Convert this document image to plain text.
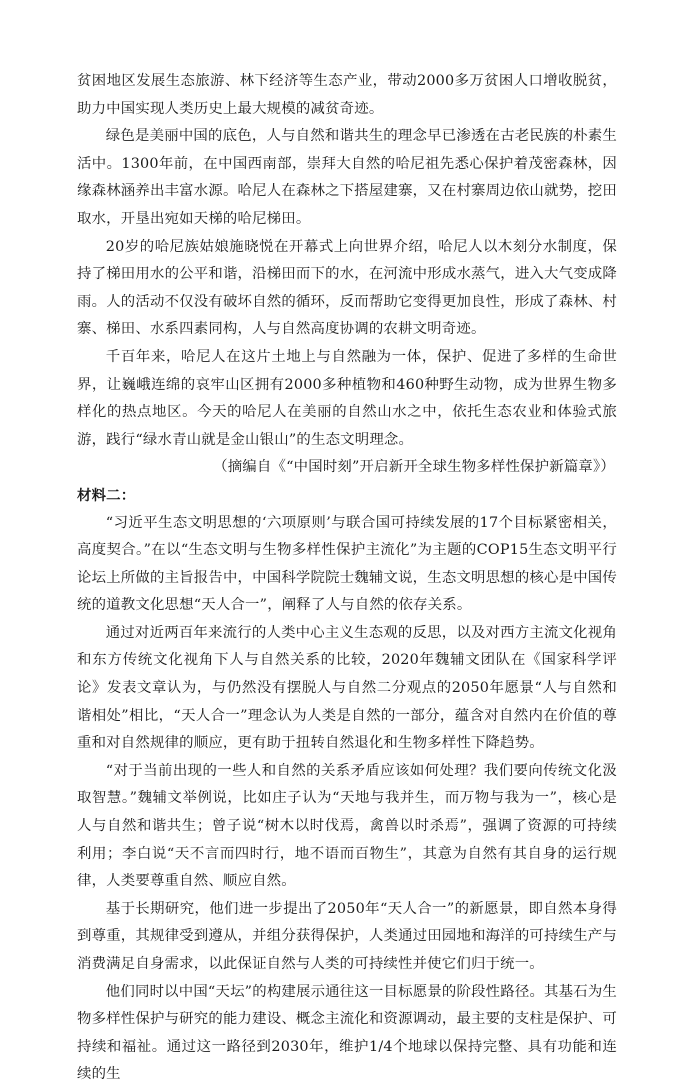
贫困地区发展生态旅游、林下经济等生态产业，带动2000多万贫困人口增收脱贫，助力中国实现人类历史上最大规模的减贫奇迹。

绿色是美丽中国的底色，人与自然和谐共生的理念早已渗透在古老民族的朴素生活中。1300年前，在中国西南部，崇拜大自然的哈尼祖先悉心保护着茂密森林，因缘森林涵养出丰富水源。哈尼人在森林之下搭屋建寨，又在村寨周边依山就势，挖田取水，开垦出宛如天梯的哈尼梯田。

20岁的哈尼族姑娘施晓悦在开幕式上向世界介绍，哈尼人以木刻分水制度，保持了梯田用水的公平和谐，沿梯田而下的水，在河流中形成水蒸气，进入大气变成降雨。人的活动不仅没有破坏自然的循环，反而帮助它变得更加良性，形成了森林、村寨、梯田、水系四素同构，人与自然高度协调的农耕文明奇迹。

千百年来，哈尼人在这片土地上与自然融为一体，保护、促进了多样的生命世界，让巍峨连绵的哀牢山区拥有2000多种植物和460种野生动物，成为世界生物多样化的热点地区。今天的哈尼人在美丽的自然山水之中，依托生态农业和体验式旅游，践行“绿水青山就是金山银山”的生态文明理念。

（摘编自《“中国时刻”开启新开全球生物多样性保护新篇章》）

材料二：

“习近平生态文明思想的‘六项原则’与联合国可持续发展的17个目标紧密相关，高度契合。”在以“生态文明与生物多样性保护主流化”为主题的COP15生态文明平行论坛上所做的主旨报告中，中国科学院院士魏辅文说，生态文明思想的核心是中国传统的道教文化思想“天人合一”，阐释了人与自然的依存关系。

通过对近两百年来流行的人类中心主义生态观的反思，以及对西方主流文化视角和东方传统文化视角下人与自然关系的比较，2020年魏辅文团队在《国家科学评论》发表文章认为，与仍然没有摆脱人与自然二分观点的2050年愿景“人与自然和谐相处”相比，“天人合一”理念认为人类是自然的一部分，蕴含对自然内在价值的尊重和对自然规律的顺应，更有助于扭转自然退化和生物多样性下降趋势。

“对于当前出现的一些人和自然的关系矛盾应该如何处理？我们要向传统文化汲取智慧。”魏辅文举例说，比如庄子认为“天地与我并生，而万物与我为一”，核心是人与自然和谐共生；曾子说“树木以时伐焉，禽兽以时杀焉”，强调了资源的可持续利用；李白说“天不言而四时行，地不语而百物生”，其意为自然有其自身的运行规律，人类要尊重自然、顺应自然。

基于长期研究，他们进一步提出了2050年“天人合一”的新愿景，即自然本身得到尊重，其规律受到遵从，并组分获得保护，人类通过田园地和海洋的可持续生产与消费满足自身需求，以此保证自然与人类的可持续性并使它们归于统一。

他们同时以中国“天坛”的构建展示通往这一目标愿景的阶段性路径。其基石为生物多样性保护与研究的能力建设、概念主流化和资源调动，最主要的支柱是保护、可持续和福祉。通过这一路径到2030年，维护1/4个地球以保持完整、具有功能和连续的生
